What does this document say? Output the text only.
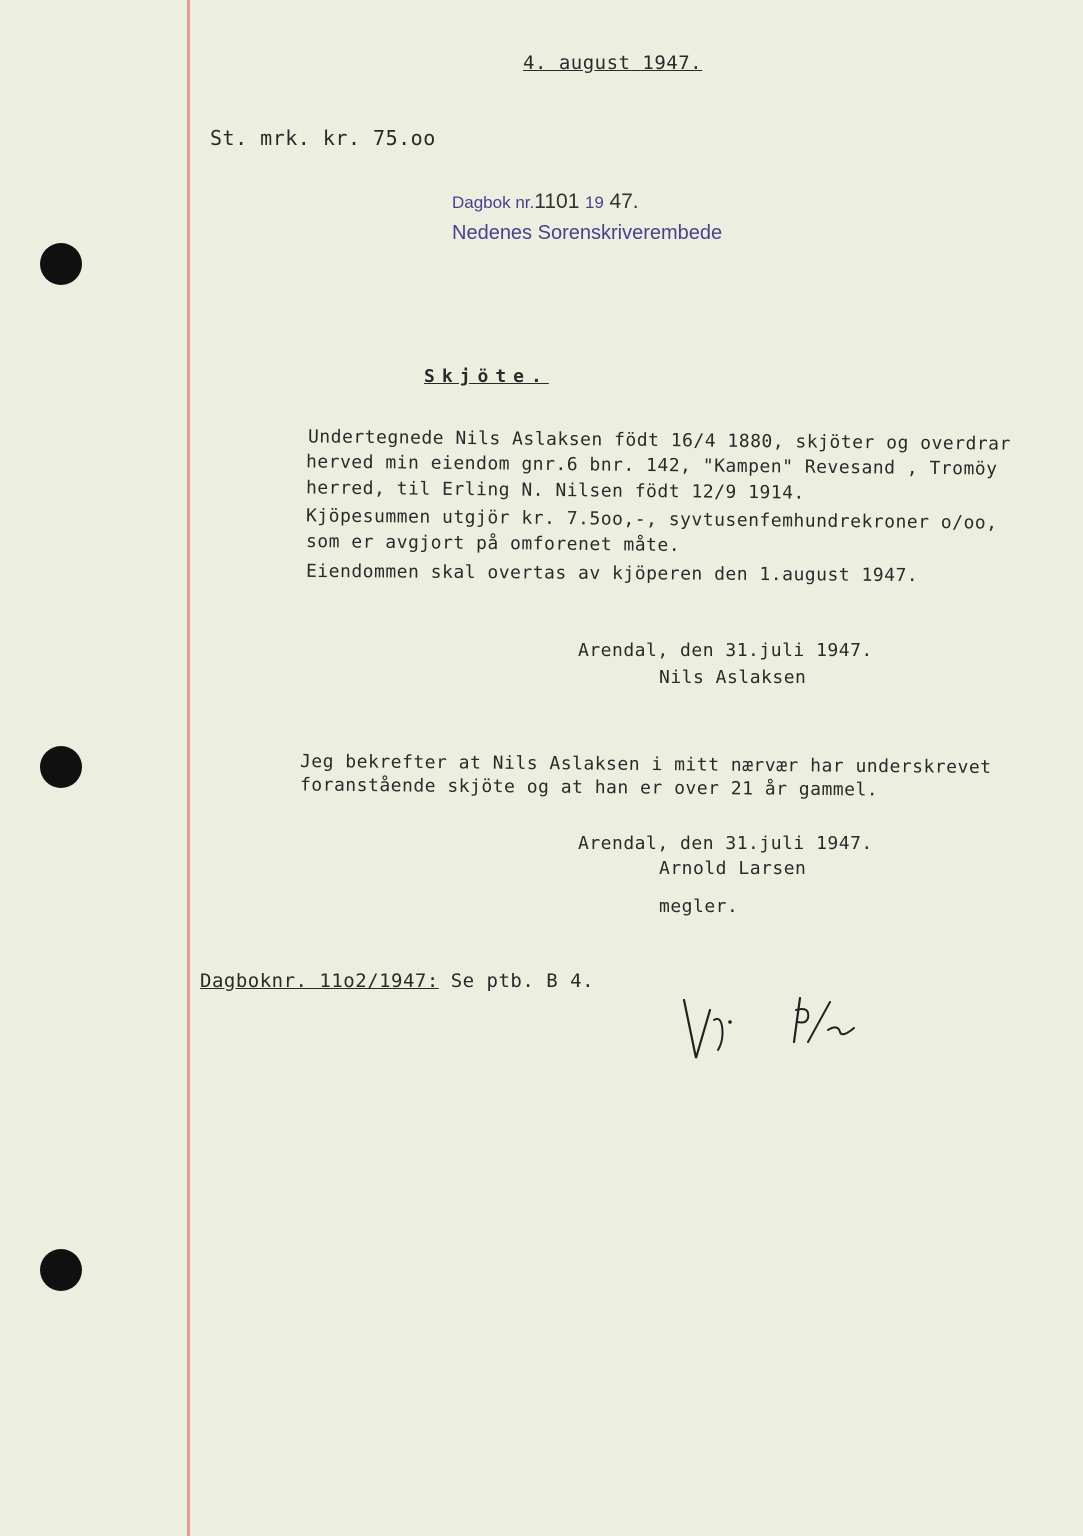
4. august 1947.
St. mrk. kr. 75.oo
Dagbok nr.1101 19 47.
Nedenes Sorenskriverembede
Skjöte.
Undertegnede Nils Aslaksen födt 16/4 1880, skjöter og overdrar
herved min eiendom gnr.6 bnr. 142, "Kampen" Revesand , Tromöy
herred, til Erling N. Nilsen födt 12/9 1914.
Kjöpesummen utgjör kr. 7.5oo,-, syvtusenfemhundrekroner o/oo,
som er avgjort på omforenet måte.
Eiendommen skal overtas av kjöperen den 1.august 1947.
Arendal, den 31.juli 1947.
Nils Aslaksen
Jeg bekrefter at Nils Aslaksen i mitt nærvær har underskrevet
foranstående skjöte og at han er over 21 år gammel.
Arendal, den 31.juli 1947.
Arnold Larsen
megler.
Dagboknr. 11o2/1947: Se ptb. B 4.
